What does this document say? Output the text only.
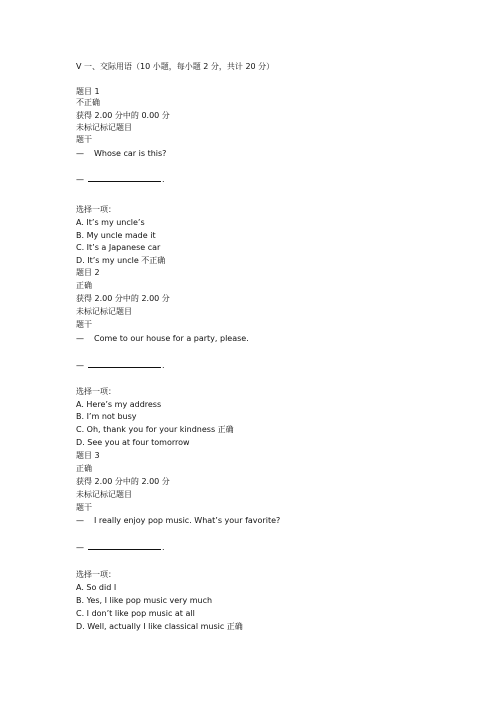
V 一、交际用语（10 小题，每小题 2 分，共计 20 分）
题目 1
不正确
获得 2.00 分中的 0.00 分
未标记标记题目
题干
— Whose car is this?
—	.
选择一项：
A. It’s my uncle’s
B. My uncle made it
C. It’s a Japanese car
D. It’s my uncle 不正确
题目 2
正确
获得 2.00 分中的 2.00 分
未标记标记题目
题干
— Come to our house for a party, please.
—	.
选择一项：
A. Here’s my address
B. I’m not busy
C. Oh, thank you for your kindness 正确
D. See you at four tomorrow
题目 3
正确
获得 2.00 分中的 2.00 分
未标记标记题目
题干
— I really enjoy pop music. What’s your favorite?
—	.
选择一项：
A. So did I
B. Yes, I like pop music very much
C. I don’t like pop music at all
D. Well, actually I like classical music 正确
